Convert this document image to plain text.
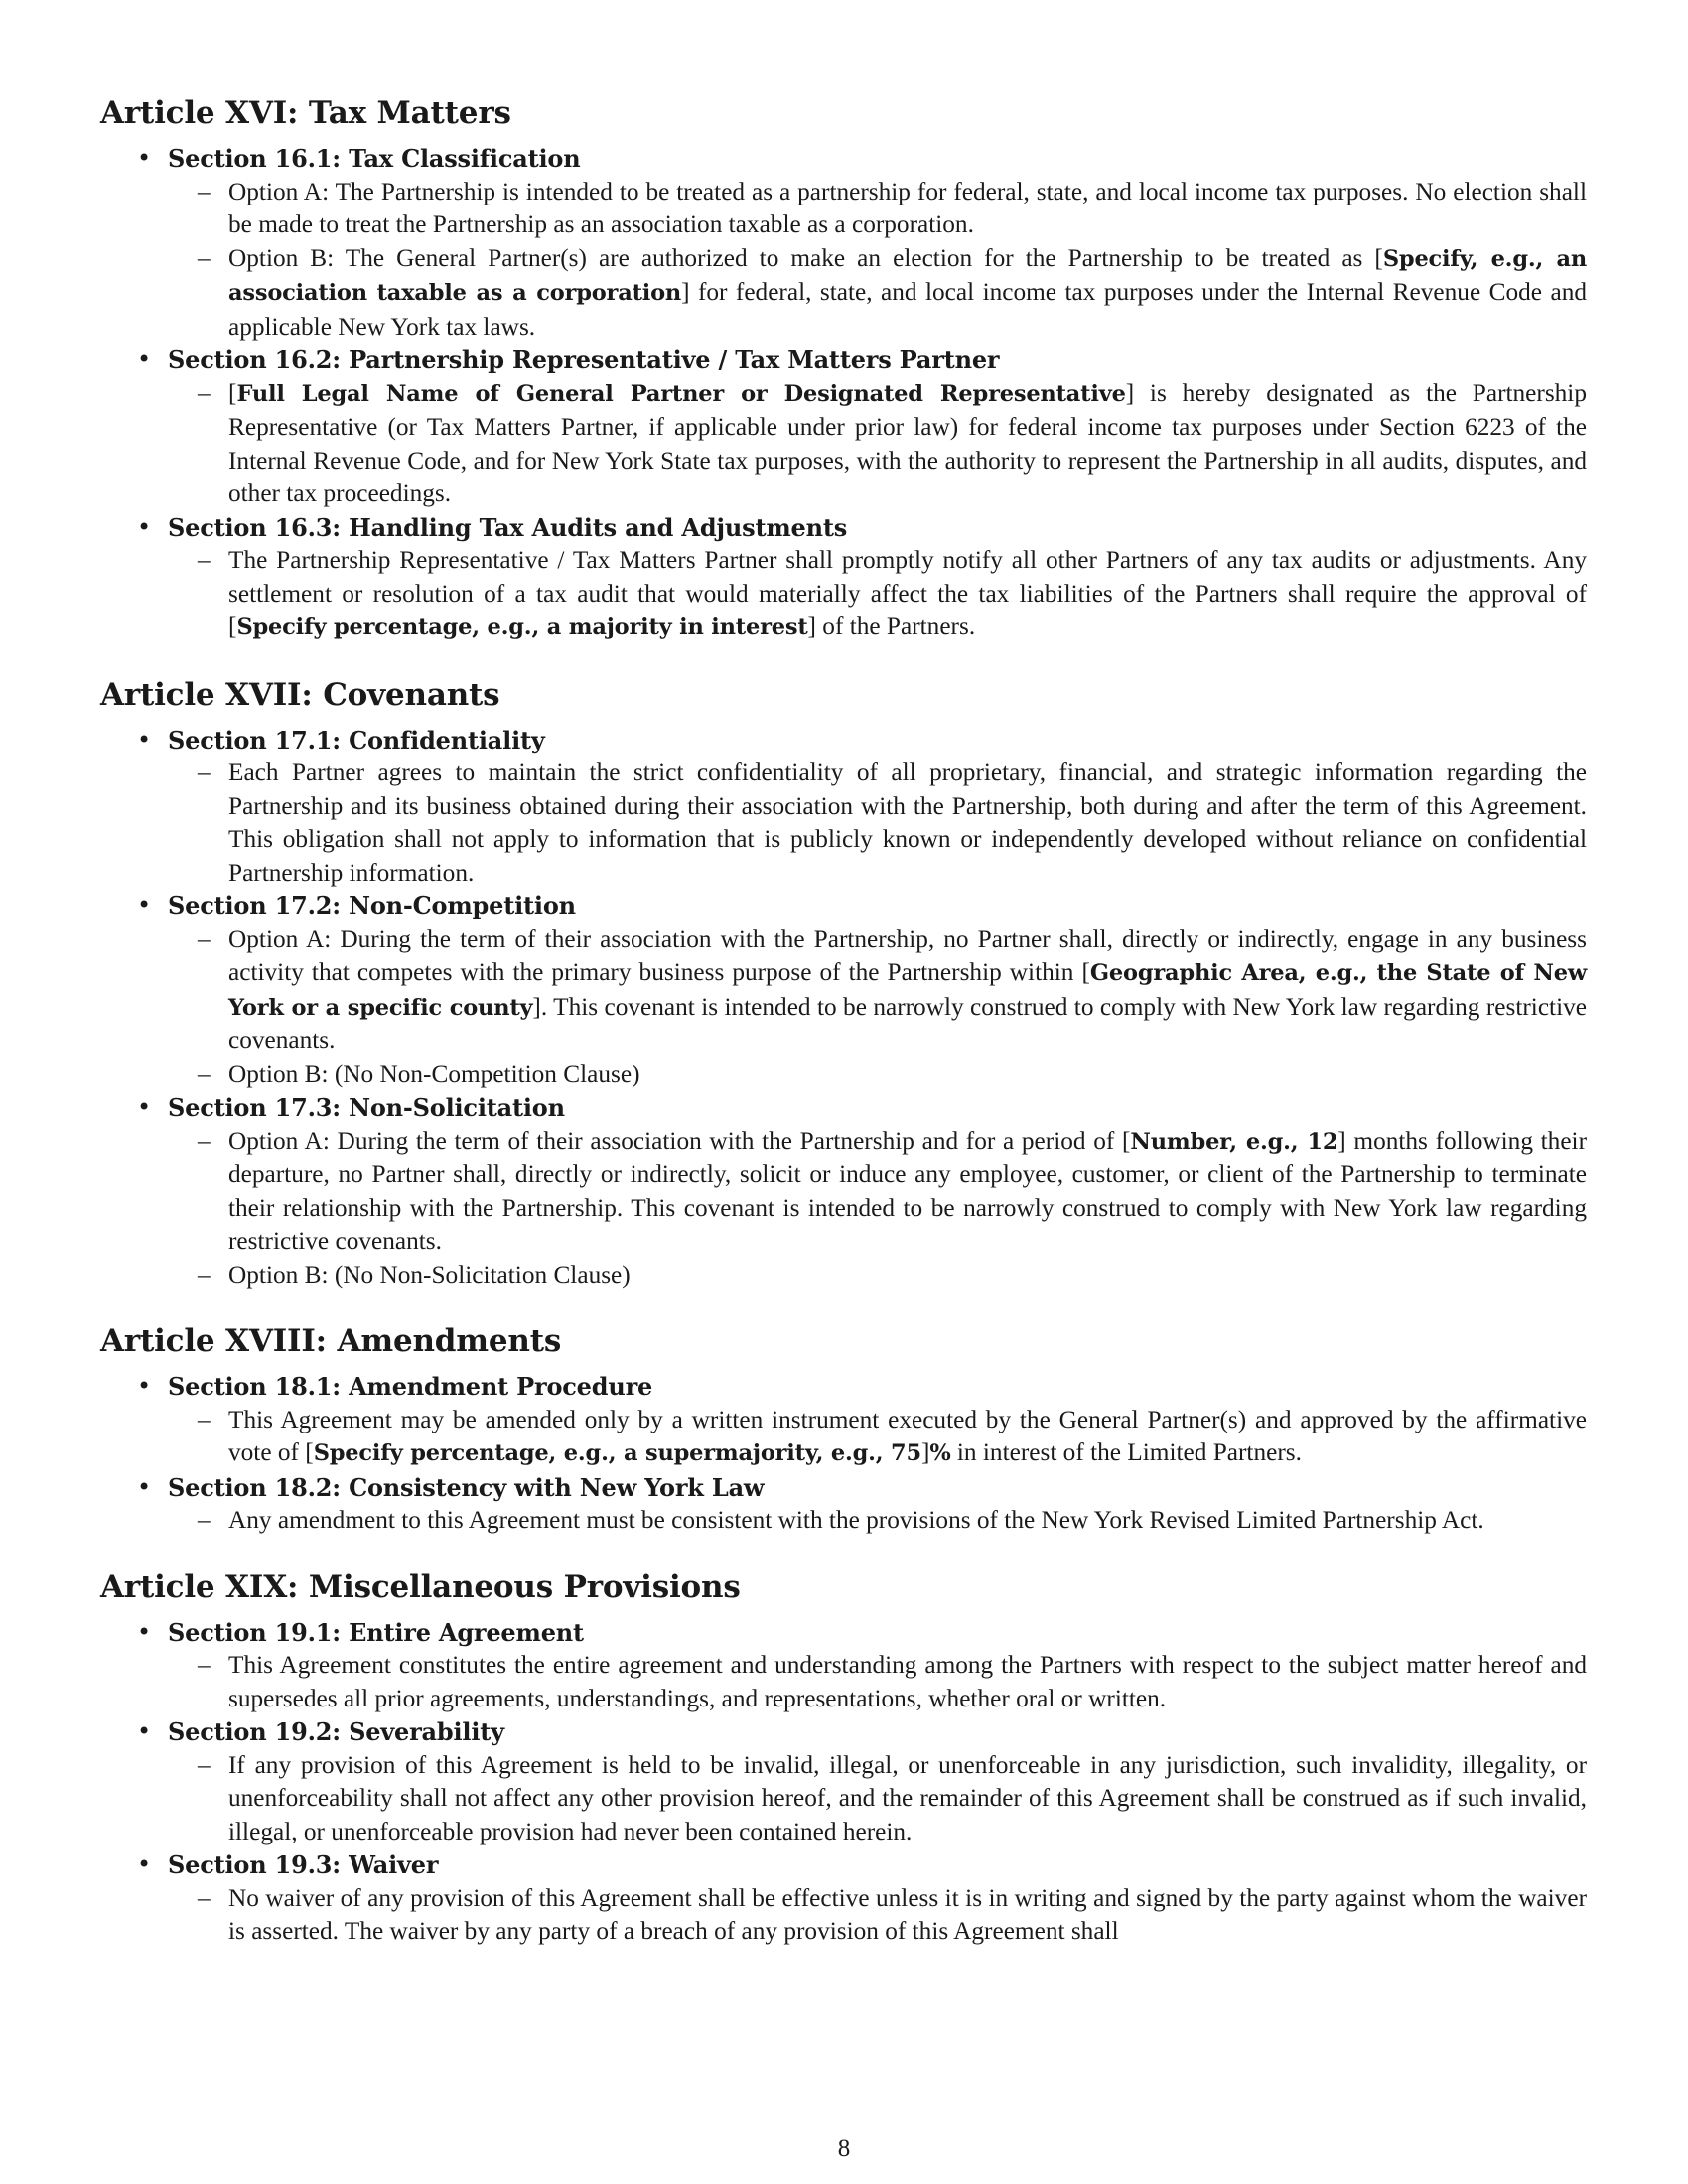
Article XVI: Tax Matters
• Section 16.1: Tax Classification
– Option A: The Partnership is intended to be treated as a partnership for federal, state, and local income tax purposes. No election shall be made to treat the Partnership as an association taxable as a corporation.
– Option B: The General Partner(s) are authorized to make an election for the Partnership to be treated as [Specify, e.g., an association taxable as a corporation] for federal, state, and local income tax purposes under the Internal Revenue Code and applicable New York tax laws.
• Section 16.2: Partnership Representative / Tax Matters Partner
– [Full Legal Name of General Partner or Designated Representative] is hereby designated as the Partnership Representative (or Tax Matters Partner, if applicable under prior law) for federal income tax purposes under Section 6223 of the Internal Revenue Code, and for New York State tax purposes, with the authority to represent the Partnership in all audits, disputes, and other tax proceedings.
• Section 16.3: Handling Tax Audits and Adjustments
– The Partnership Representative / Tax Matters Partner shall promptly notify all other Partners of any tax audits or adjustments. Any settlement or resolution of a tax audit that would materially affect the tax liabilities of the Partners shall require the approval of [Specify percentage, e.g., a majority in interest] of the Partners.
Article XVII: Covenants
• Section 17.1: Confidentiality
– Each Partner agrees to maintain the strict confidentiality of all proprietary, financial, and strategic information regarding the Partnership and its business obtained during their association with the Partnership, both during and after the term of this Agreement. This obligation shall not apply to information that is publicly known or independently developed without reliance on confidential Partnership information.
• Section 17.2: Non-Competition
– Option A: During the term of their association with the Partnership, no Partner shall, directly or indirectly, engage in any business activity that competes with the primary business purpose of the Partnership within [Geographic Area, e.g., the State of New York or a specific county]. This covenant is intended to be narrowly construed to comply with New York law regarding restrictive covenants.
– Option B: (No Non-Competition Clause)
• Section 17.3: Non-Solicitation
– Option A: During the term of their association with the Partnership and for a period of [Number, e.g., 12] months following their departure, no Partner shall, directly or indirectly, solicit or induce any employee, customer, or client of the Partnership to terminate their relationship with the Partnership. This covenant is intended to be narrowly construed to comply with New York law regarding restrictive covenants.
– Option B: (No Non-Solicitation Clause)
Article XVIII: Amendments
• Section 18.1: Amendment Procedure
– This Agreement may be amended only by a written instrument executed by the General Partner(s) and approved by the affirmative vote of [Specify percentage, e.g., a supermajority, e.g., 75]% in interest of the Limited Partners.
• Section 18.2: Consistency with New York Law
– Any amendment to this Agreement must be consistent with the provisions of the New York Revised Limited Partnership Act.
Article XIX: Miscellaneous Provisions
• Section 19.1: Entire Agreement
– This Agreement constitutes the entire agreement and understanding among the Partners with respect to the subject matter hereof and supersedes all prior agreements, understandings, and representations, whether oral or written.
• Section 19.2: Severability
– If any provision of this Agreement is held to be invalid, illegal, or unenforceable in any jurisdiction, such invalidity, illegality, or unenforceability shall not affect any other provision hereof, and the remainder of this Agreement shall be construed as if such invalid, illegal, or unenforceable provision had never been contained herein.
• Section 19.3: Waiver
– No waiver of any provision of this Agreement shall be effective unless it is in writing and signed by the party against whom the waiver is asserted. The waiver by any party of a breach of any provision of this Agreement shall
8
